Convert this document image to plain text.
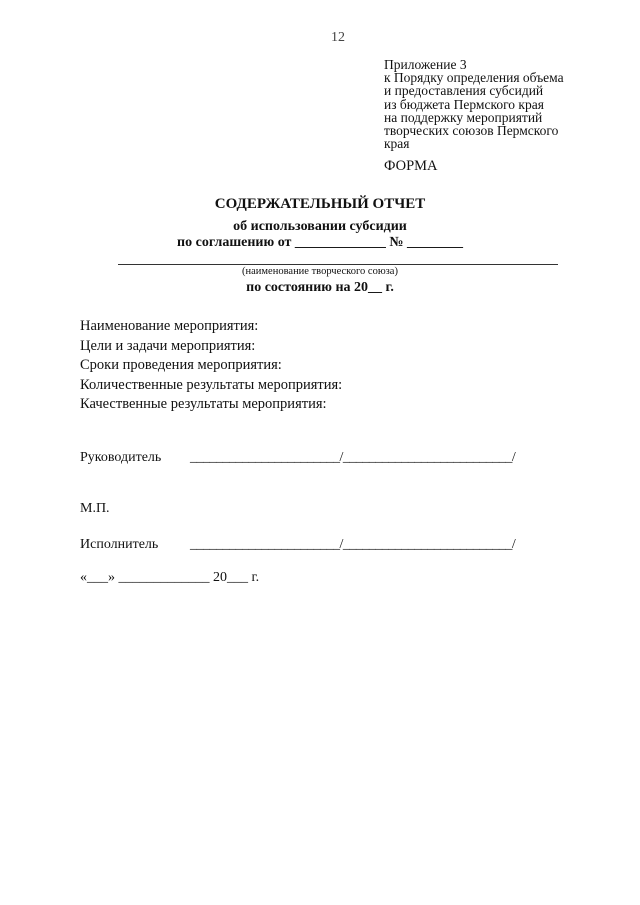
12
Приложение 3
к Порядку определения объема
и предоставления субсидий
из бюджета Пермского края
на поддержку мероприятий
творческих союзов Пермского
края
ФОРМА
СОДЕРЖАТЕЛЬНЫЙ ОТЧЕТ
об использовании субсидии
по соглашению от _____________ № ________
(наименование творческого союза)
по состоянию на 20__ г.
Наименование мероприятия:
Цели и задачи мероприятия:
Сроки проведения мероприятия:
Количественные результаты мероприятия:
Качественные результаты мероприятия:
Руководитель _______________________/__________________________/
М.П.
Исполнитель _______________________/__________________________/
«___» _____________ 20___ г.
